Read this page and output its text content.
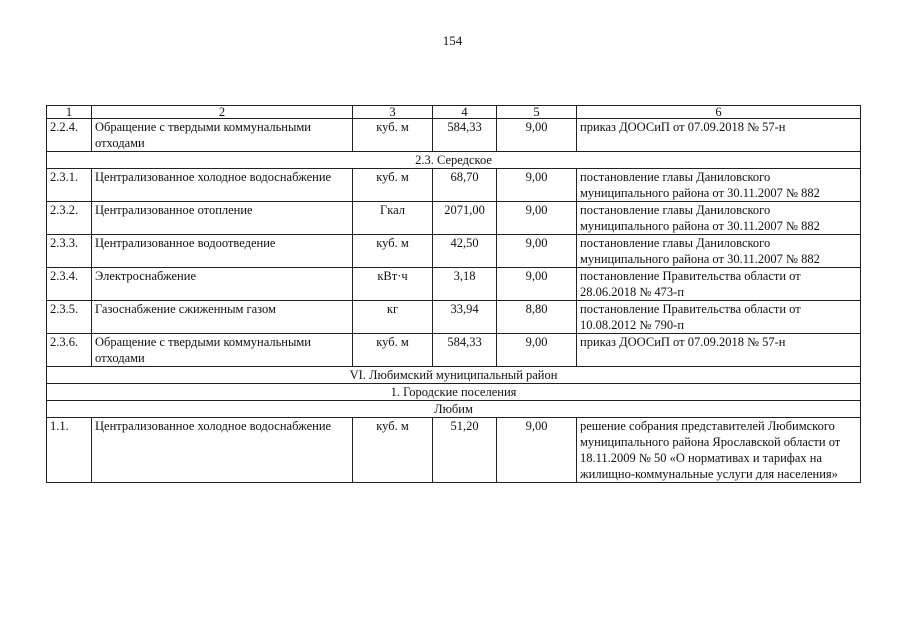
154
1	2	3	4	5	6
2.2.4.	Обращение с твердыми коммунальными отходами	куб. м	584,33	9,00	приказ ДООСиП от 07.09.2018 № 57-н
2.3. Середское					
2.3.1.	Централизованное холодное водоснабжение	куб. м	68,70	9,00	постановление главы Даниловского муниципального района от 30.11.2007 № 882
2.3.2.	Централизованное отопление	Гкал	2071,00	9,00	постановление главы Даниловского муниципального района от 30.11.2007 № 882
2.3.3.	Централизованное водоотведение	куб. м	42,50	9,00	постановление главы Даниловского муниципального района от 30.11.2007 № 882
2.3.4.	Электроснабжение	кВт·ч	3,18	9,00	постановление Правительства области от 28.06.2018 № 473-п
2.3.5.	Газоснабжение сжиженным газом	кг	33,94	8,80	постановление Правительства области от 10.08.2012 № 790-п
2.3.6.	Обращение с твердыми коммунальными отходами	куб. м	584,33	9,00	приказ ДООСиП от 07.09.2018 № 57-н
VI. Любимский муниципальный район					
1. Городские поселения					
Любим					
1.1.	Централизованное холодное водоснабжение	куб. м	51,20	9,00	решение собрания представителей Любимского муниципального района Ярославской области от 18.11.2009 № 50 «О нормативах и тарифах на жилищно-коммунальные услуги для населения»
